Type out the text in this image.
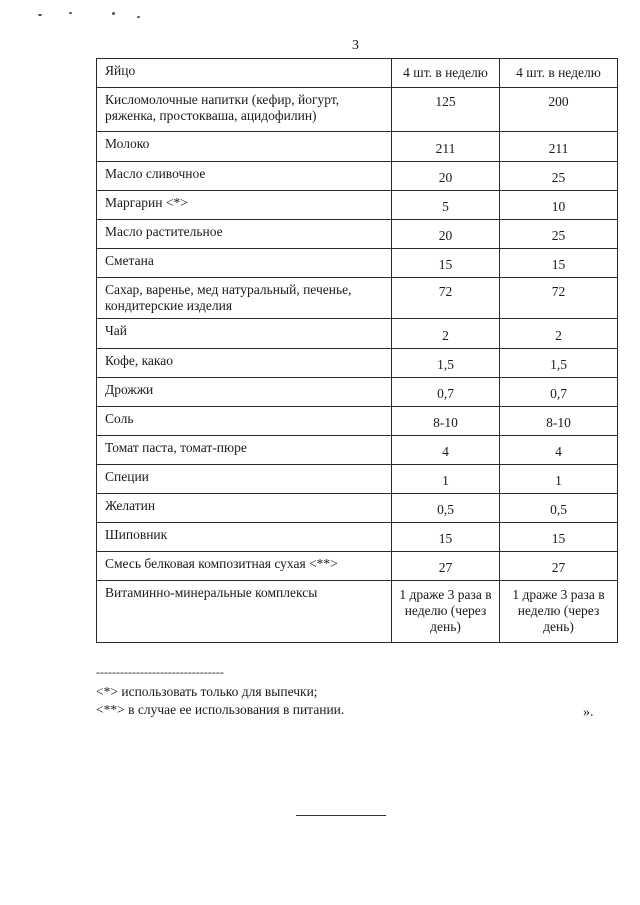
3
Яйцо	4 шт. в неделю	4 шт. в неделю
Кисломолочные напитки (кефир, йогурт, ряженка, простокваша, ацидофилин)	125	200
Молоко	211	211
Масло сливочное	20	25
Маргарин <*>	5	10
Масло растительное	20	25
Сметана	15	15
Сахар, варенье, мед натуральный, печенье, кондитерские изделия	72	72
Чай	2	2
Кофе, какао	1,5	1,5
Дрожжи	0,7	0,7
Соль	8-10	8-10
Томат паста, томат-пюре	4	4
Специи	1	1
Желатин	0,5	0,5
Шиповник	15	15
Смесь белковая композитная сухая <**>	27	27
Витаминно-минеральные комплексы	1 драже 3 раза в неделю (через день)	1 драже 3 раза в неделю (через день)
--------------------------------
<*> использовать только для выпечки;
<**> в случае ее использования в питании.	».
